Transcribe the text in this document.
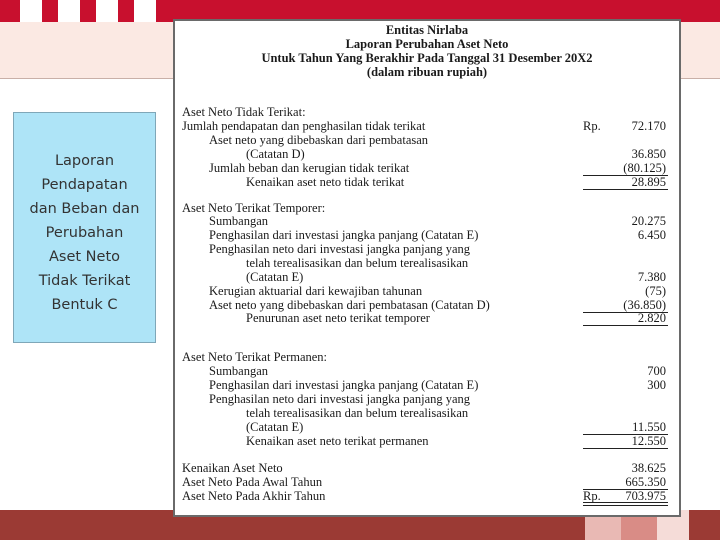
Laporan
Pendapatan
dan Beban dan
Perubahan
Aset Neto
Tidak Terikat
Bentuk C
Entitas Nirlaba
Laporan Perubahan Aset Neto
Untuk Tahun Yang Berakhir Pada Tanggal 31 Desember 20X2
(dalam ribuan rupiah)
Aset Neto Tidak Terikat:
Jumlah pendapatan dan penghasilan tidak terikat	Rp. 72.170
Aset neto yang dibebaskan dari pembatasan
(Catatan D)	36.850
Jumlah beban dan kerugian tidak terikat	(80.125)
Kenaikan aset neto tidak terikat	28.895
Aset Neto Terikat Temporer:
Sumbangan	20.275
Penghasilan dari investasi jangka panjang (Catatan E)	6.450
Penghasilan neto dari investasi jangka panjang yang
telah terealisasikan dan belum terealisasikan
(Catatan E)	7.380
Kerugian aktuarial dari kewajiban tahunan	(75)
Aset neto yang dibebaskan dari pembatasan (Catatan D)	(36.850)
Penurunan aset neto terikat temporer	2.820
Aset Neto Terikat Permanen:
Sumbangan	700
Penghasilan dari investasi jangka panjang (Catatan E)	300
Penghasilan neto dari investasi jangka panjang yang
telah terealisasikan dan belum terealisasikan
(Catatan E)	11.550
Kenaikan aset neto terikat permanen	12.550
Kenaikan Aset Neto	38.625
Aset Neto Pada Awal Tahun	665.350
Aset Neto Pada Akhir Tahun	Rp. 703.975
